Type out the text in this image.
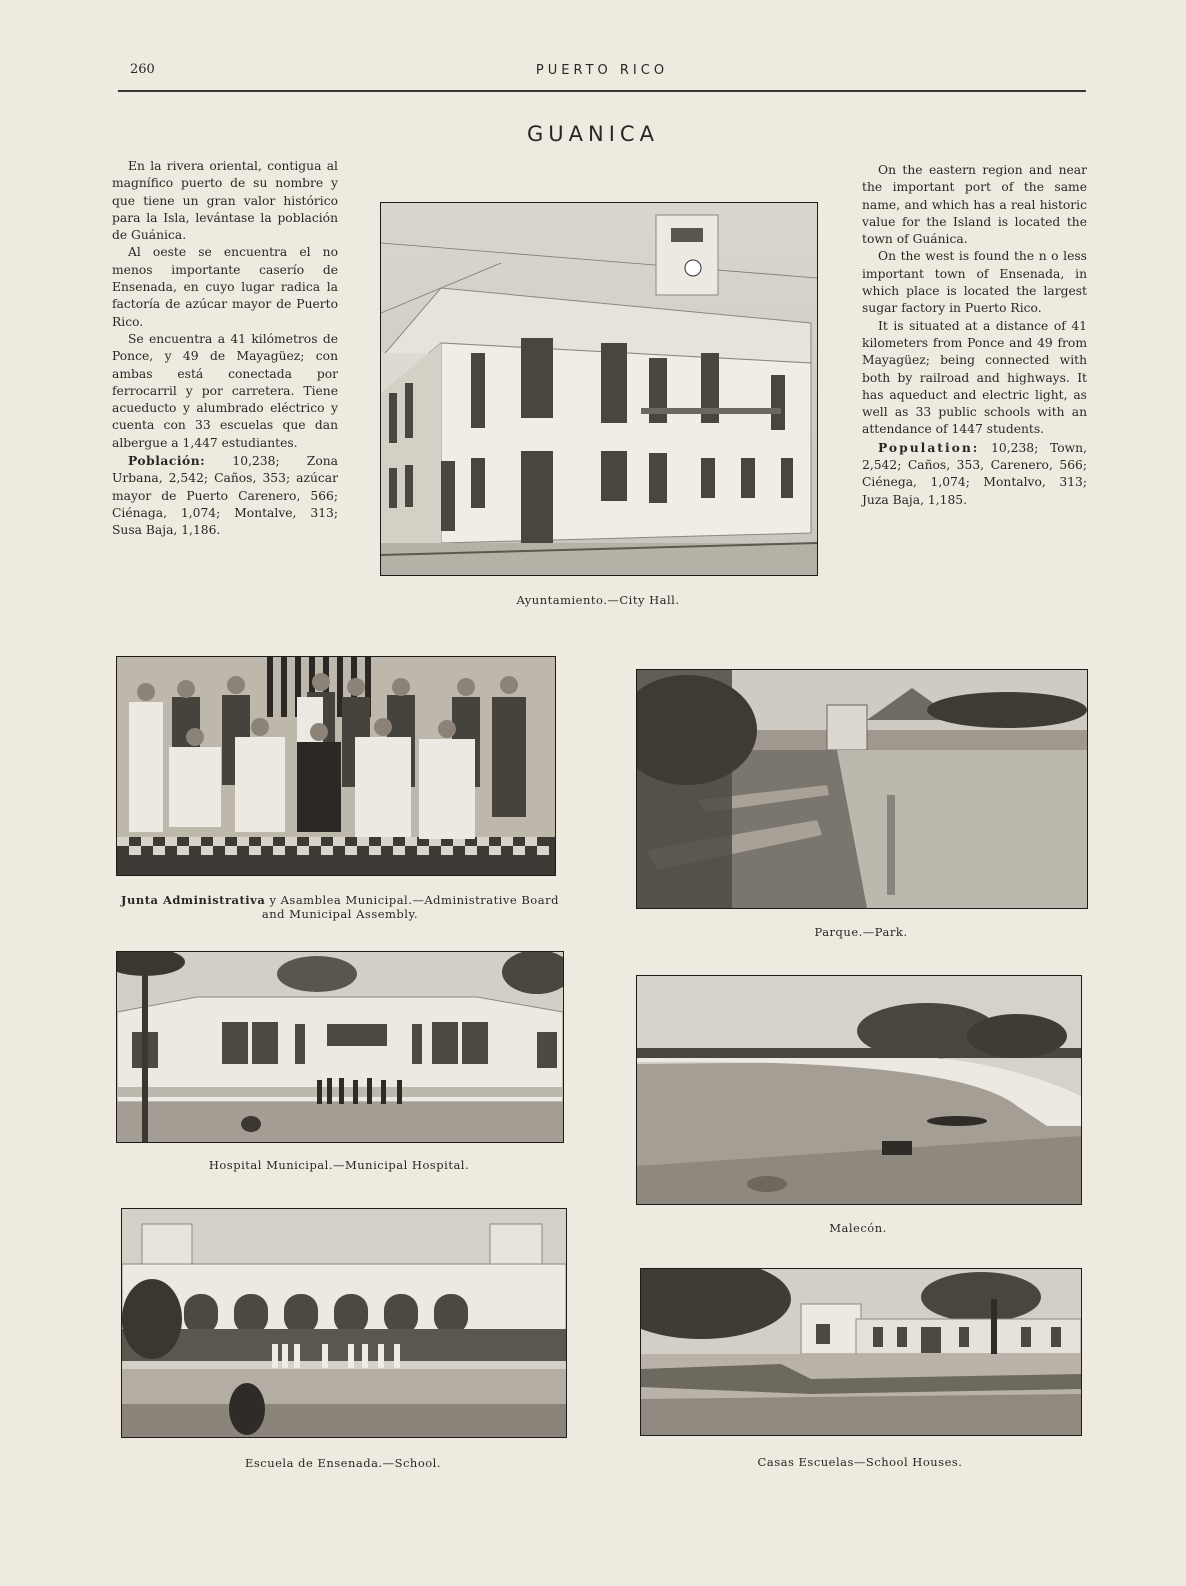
260	PUERTO RICO
GUANICA

En la rivera oriental, contigua al magnífico puerto de su nombre y que tiene un gran valor histórico para la Isla, levántase la población de Guánica.

Al oeste se encuentra el no menos importante caserío de Ensenada, en cuyo lugar radica la factoría de azúcar mayor de Puerto Rico.

Se encuentra a 41 kilómetros de Ponce, y 49 de Mayagüez; con ambas está conectada por ferrocarril y por carretera. Tiene acueducto y alumbrado eléctrico y cuenta con 33 escuelas que dan albergue a 1,447 estudiantes.

Población: 10,238; Zona Urbana, 2,542; Caños, 353; azúcar mayor de Puerto Carenero, 566; Ciénaga, 1,074; Montalve, 313; Susa Baja, 1,186.

On the eastern region and near the important port of the same name, and which has a real historic value for the Island is located the town of Guánica.

On the west is found the n o less important town of Ensenada, in which place is located the largest sugar factory in Puerto Rico.

It is situated at a distance of 41 kilometers from Ponce and 49 from Mayagüez; being connected with both by railroad and highways. It has aqueduct and electric light, as well as 33 public schools with an attendance of 1447 students.

Population: 10,238; Town, 2,542; Caños, 353, Carenero, 566; Ciénega, 1,074; Montalvo, 313; Juza Baja, 1,185.

Ayuntamiento.—City Hall.
Junta Administrativa y Asamblea Municipal.—Administrative Board and Municipal Assembly.
Parque.—Park.
Hospital Municipal.—Municipal Hospital.
Malecón.
Escuela de Ensenada.—School.	Casas Escuelas—School Houses.
